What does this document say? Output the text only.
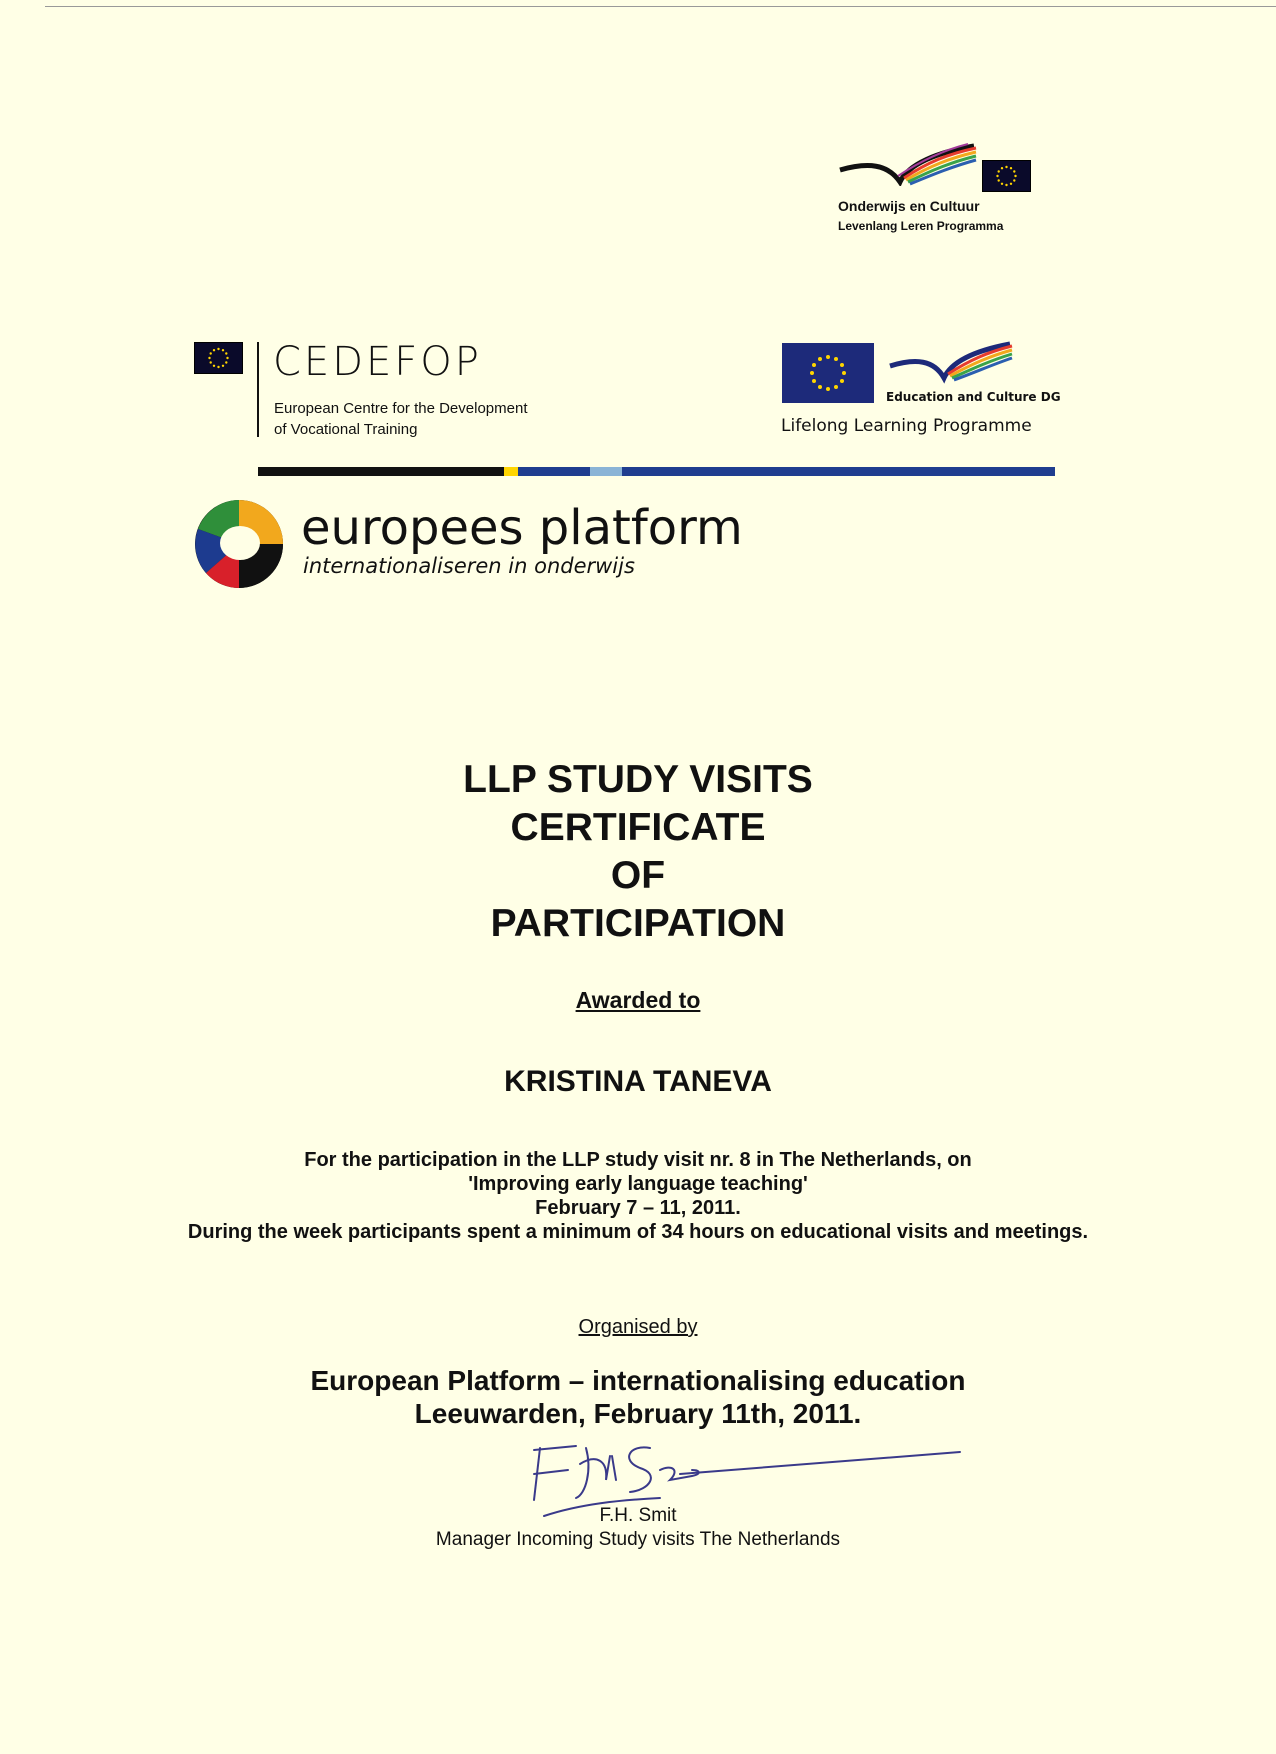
Onderwijs en Cultuur
Levenlang Leren Programma
CEDEFOP
European Centre for the Development
of Vocational Training
Education and Culture DG
Lifelong Learning Programme
europees platform
internationaliseren in onderwijs
LLP STUDY VISITS
CERTIFICATE
OF
PARTICIPATION
Awarded to
KRISTINA TANEVA
For the participation in the LLP study visit nr. 8 in The Netherlands, on
'Improving early language teaching'
February 7 – 11, 2011.
During the week participants spent a minimum of 34 hours on educational visits and meetings.
Organised by
European Platform – internationalising education
Leeuwarden, February 11th, 2011.
F.H. Smit
Manager Incoming Study visits The Netherlands
